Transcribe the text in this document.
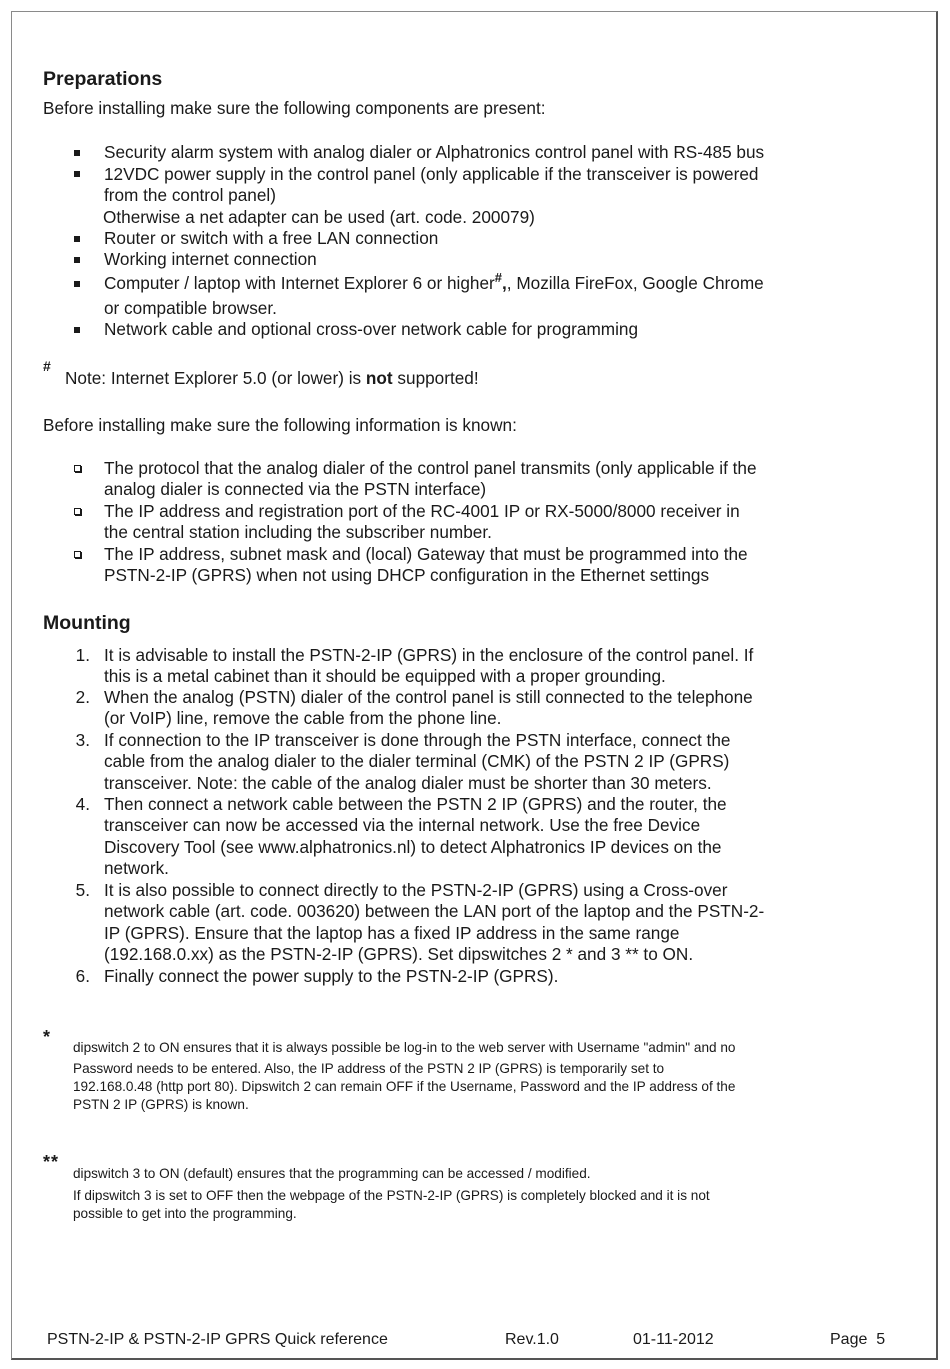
Preparations
Before installing make sure the following components are present:
Security alarm system with analog dialer or Alphatronics control panel with RS-485 bus
12VDC power supply in the control panel (only applicable if the transceiver is powered
from the control panel)
Otherwise a net adapter can be used (art. code. 200079)
Router or switch with a free LAN connection
Working internet connection
Computer / laptop with Internet Explorer 6 or higher#,, Mozilla FireFox, Google Chrome
or compatible browser.
Network cable and optional cross-over network cable for programming
#
Note: Internet Explorer 5.0 (or lower) is not supported!
Before installing make sure the following information is known:
The protocol that the analog dialer of the control panel transmits (only applicable if the
analog dialer is connected via the PSTN interface)
The IP address and registration port of the RC-4001 IP or RX-5000/8000 receiver in
the central station including the subscriber number.
The IP address, subnet mask and (local) Gateway that must be programmed into the
PSTN-2-IP (GPRS) when not using DHCP configuration in the Ethernet settings
Mounting
1. It is advisable to install the PSTN-2-IP (GPRS) in the enclosure of the control panel. If
this is a metal cabinet than it should be equipped with a proper grounding.
2. When the analog (PSTN) dialer of the control panel is still connected to the telephone
(or VoIP) line, remove the cable from the phone line.
3. If connection to the IP transceiver is done through the PSTN interface, connect the
cable from the analog dialer to the dialer terminal (CMK) of the PSTN 2 IP (GPRS)
transceiver. Note: the cable of the analog dialer must be shorter than 30 meters.
4. Then connect a network cable between the PSTN 2 IP (GPRS) and the router, the
transceiver can now be accessed via the internal network. Use the free Device
Discovery Tool (see www.alphatronics.nl) to detect Alphatronics IP devices on the
network.
5. It is also possible to connect directly to the PSTN-2-IP (GPRS) using a Cross-over
network cable (art. code. 003620) between the LAN port of the laptop and the PSTN-2-
IP (GPRS). Ensure that the laptop has a fixed IP address in the same range
(192.168.0.xx) as the PSTN-2-IP (GPRS). Set dipswitches 2 * and 3 ** to ON.
6. Finally connect the power supply to the PSTN-2-IP (GPRS).
*
dipswitch 2 to ON ensures that it is always possible be log-in to the web server with Username "admin" and no
Password needs to be entered. Also, the IP address of the PSTN 2 IP (GPRS) is temporarily set to
192.168.0.48 (http port 80). Dipswitch 2 can remain OFF if the Username, Password and the IP address of the
PSTN 2 IP (GPRS) is known.
**
dipswitch 3 to ON (default) ensures that the programming can be accessed / modified.
If dipswitch 3 is set to OFF then the webpage of the PSTN-2-IP (GPRS) is completely blocked and it is not
possible to get into the programming.
PSTN-2-IP & PSTN-2-IP GPRS Quick reference	Rev.1.0	01-11-2012	Page  5
